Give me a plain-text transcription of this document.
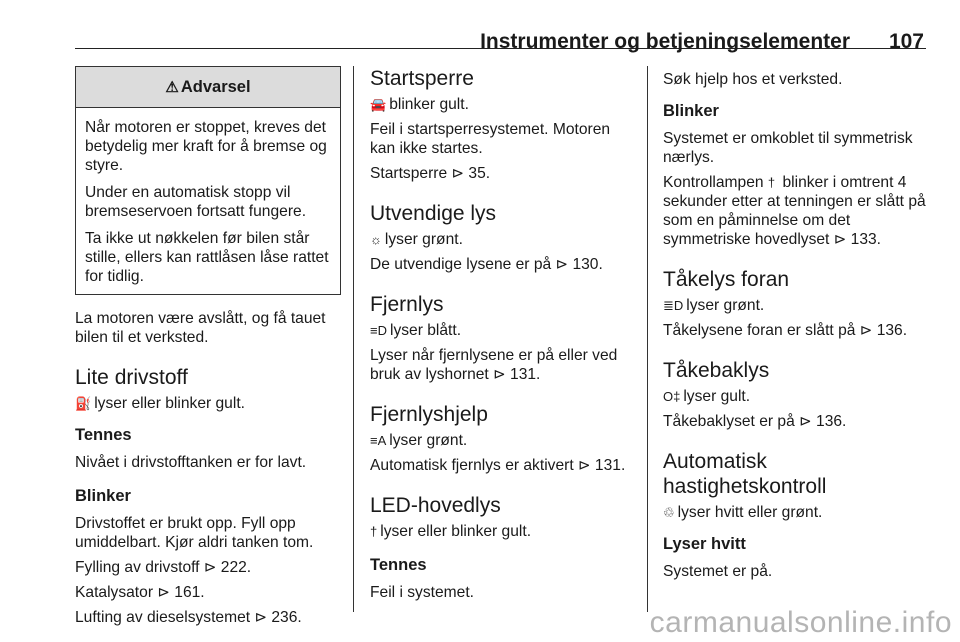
Instrumenter og betjeningselementer 107
⚠ Advarsel

Når motoren er stoppet, kreves det betydelig mer kraft for å bremse og styre.

Under en automatisk stopp vil bremseservoen fortsatt fungere.

Ta ikke ut nøkkelen før bilen står stille, ellers kan rattlåsen låse rattet for tidlig.

La motoren være avslått, og få tauet bilen til et verksted.

Lite drivstoff

⛽ lyser eller blinker gult.

Tennes

Nivået i drivstofftanken er for lavt.

Blinker

Drivstoffet er brukt opp. Fyll opp umiddelbart. Kjør aldri tanken tom.

Fylling av drivstoff ⊳ 222.

Katalysator ⊳ 161.

Lufting av dieselsystemet ⊳ 236.

Startsperre

🚘 blinker gult.

Feil i startsperresystemet. Motoren kan ikke startes.

Startsperre ⊳ 35.

Utvendige lys

☼ lyser grønt.

De utvendige lysene er på ⊳ 130.

Fjernlys

≡D lyser blått.

Lyser når fjernlysene er på eller ved bruk av lyshornet ⊳ 131.

Fjernlyshjelp

≡A lyser grønt.

Automatisk fjernlys er aktivert ⊳ 131.

LED-hovedlys

† lyser eller blinker gult.

Tennes

Feil i systemet.

Søk hjelp hos et verksted.

Blinker

Systemet er omkoblet til symmetrisk nærlys.

Kontrollampen † blinker i omtrent 4 sekunder etter at tenningen er slått på som en påminnelse om det symmetriske hovedlyset ⊳ 133.

Tåkelys foran

≣D lyser grønt.

Tåkelysene foran er slått på ⊳ 136.

Tåkebaklys

O‡ lyser gult.

Tåkebaklyset er på ⊳ 136.

Automatisk
hastighetskontroll

♲ lyser hvitt eller grønt.

Lyser hvitt

Systemet er på.

carmanualsonline.info
